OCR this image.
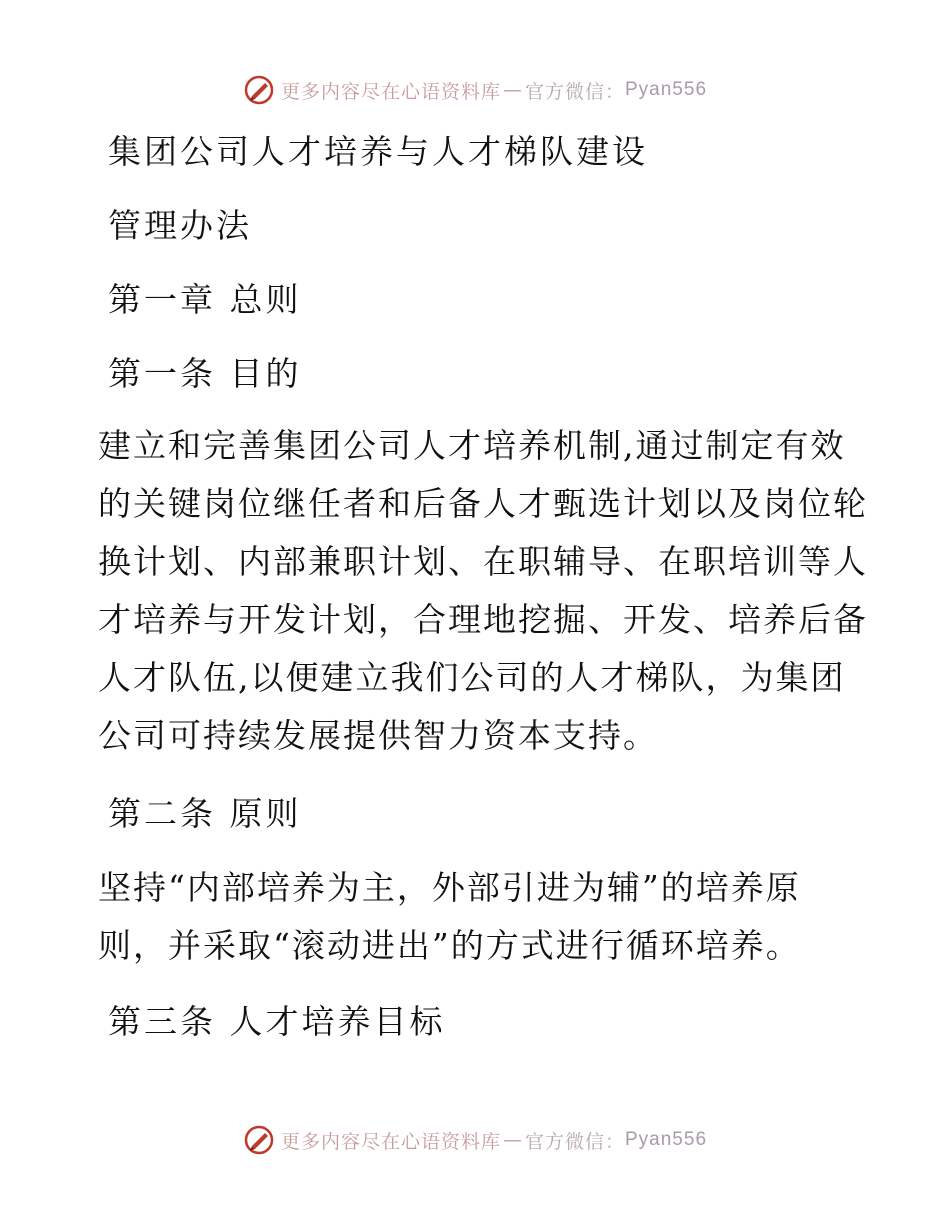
更多内容尽在心语资料库 — 官方微信： Pyan556
集团公司人才培养与人才梯队建设
管理办法
第一章 总则
第一条 目的
建立和完善集团公司人才培养机制,通过制定有效
的关键岗位继任者和后备人才甄选计划以及岗位轮
换计划、内部兼职计划、在职辅导、在职培训等人
才培养与开发计划，合理地挖掘、开发、培养后备
人才队伍,以便建立我们公司的人才梯队，为集团
公司可持续发展提供智力资本支持。
第二条 原则
坚持“内部培养为主，外部引进为辅”的培养原
则，并采取“滚动进出”的方式进行循环培养。
第三条 人才培养目标
更多内容尽在心语资料库 — 官方微信： Pyan556
